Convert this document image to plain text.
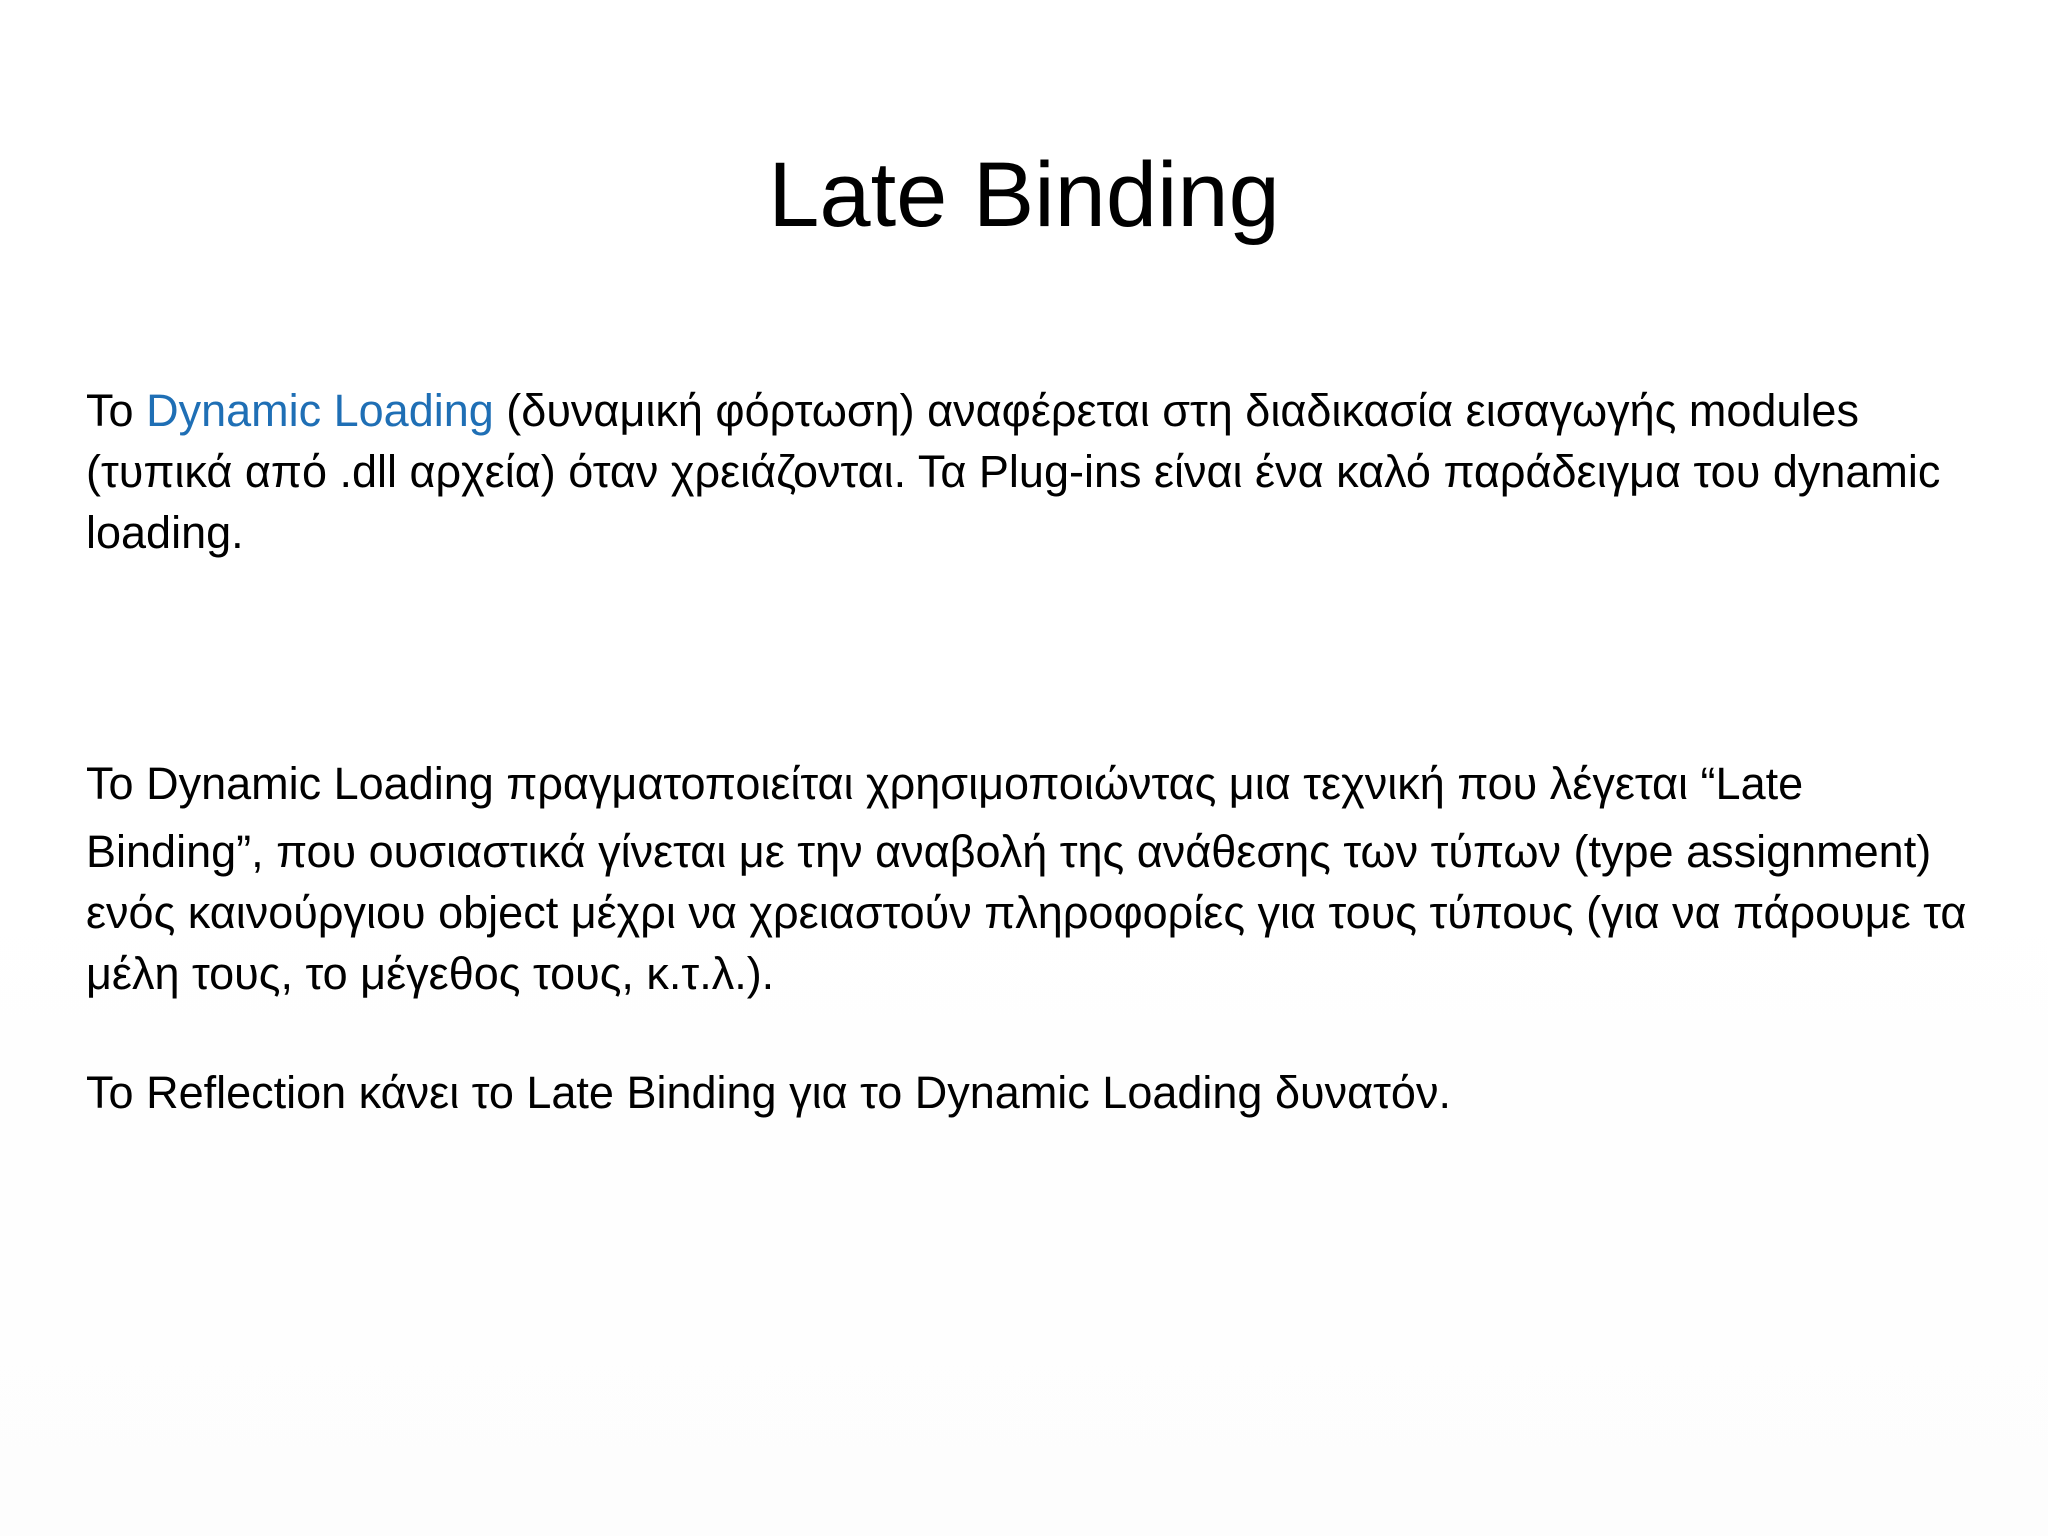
Late Binding

Το Dynamic Loading (δυναμική φόρτωση) αναφέρεται στη διαδικασία εισαγωγής modules (τυπικά από .dll αρχεία) όταν χρειάζονται. Τα Plug-ins είναι ένα καλό παράδειγμα του dynamic loading.

Το Dynamic Loading πραγματοποιείται χρησιμοποιώντας μια τεχνική που λέγεται “Late
Binding”, που ουσιαστικά γίνεται με την αναβολή της ανάθεσης των τύπων (type assignment) ενός καινούργιου object μέχρι να χρειαστούν πληροφορίες για τους τύπους (για να πάρουμε τα μέλη τους, το μέγεθος τους, κ.τ.λ.).

Το Reflection κάνει το Late Binding για το Dynamic Loading δυνατόν.
